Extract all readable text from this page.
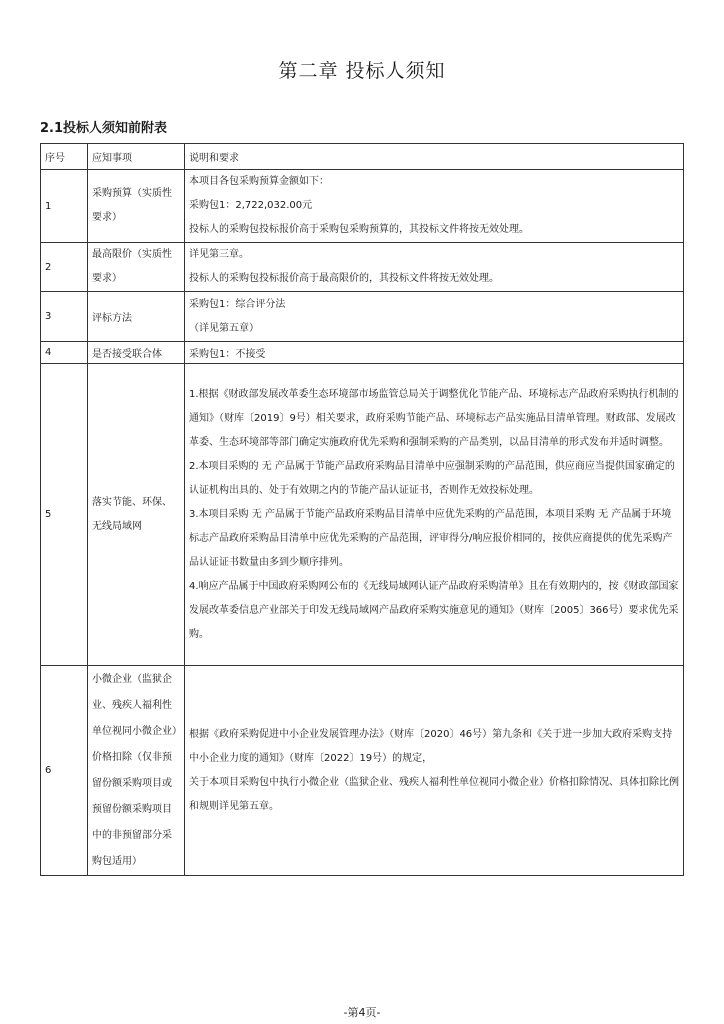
第二章 投标人须知
2.1投标人须知前附表
序号	应知事项	说明和要求
1	采购预算（实质性要求）	本项目各包采购预算金额如下：

采购包1：2,722,032.00元

投标人的采购包投标报价高于采购包采购预算的，其投标文件将按无效处理。

2	最高限价（实质性要求）	详见第三章。

投标人的采购包投标报价高于最高限价的，其投标文件将按无效处理。

3	评标方法	采购包1：综合评分法

（详见第五章）

4	是否接受联合体	采购包1：不接受

5	落实节能、环保、无线局域网	1.根据《财政部发展改革委生态环境部市场监管总局关于调整优化节能产品、环境标志产品政府采购执行机制的通知》（财库〔2019〕9号）相关要求，政府采购节能产品、环境标志产品实施品目清单管理。财政部、发展改革委、生态环境部等部门确定实施政府优先采购和强制采购的产品类别，以品目清单的形式发布并适时调整。

2.本项目采购的 无 产品属于节能产品政府采购品目清单中应强制采购的产品范围，供应商应当提供国家确定的认证机构出具的、处于有效期之内的节能产品认证证书，否则作无效投标处理。

3.本项目采购 无 产品属于节能产品政府采购品目清单中应优先采购的产品范围，本项目采购 无 产品属于环境标志产品政府采购品目清单中应优先采购的产品范围，评审得分/响应报价相同的，按供应商提供的优先采购产品认证证书数量由多到少顺序排列。

4.响应产品属于中国政府采购网公布的《无线局域网认证产品政府采购清单》且在有效期内的，按《财政部国家发展改革委信息产业部关于印发无线局域网产品政府采购实施意见的通知》（财库〔2005〕366号）要求优先采购。

6	小微企业（监狱企业、残疾人福利性单位视同小微企业）价格扣除（仅非预留份额采购项目或预留份额采购项目中的非预留部分采购包适用）	根据《政府采购促进中小企业发展管理办法》（财库〔2020〕46号）第九条和《关于进一步加大政府采购支持中小企业力度的通知》（财库〔2022〕19号）的规定，

关于本项目采购包中执行小微企业（监狱企业、残疾人福利性单位视同小微企业）价格扣除情况、具体扣除比例和规则详见第五章。

-第4页-
